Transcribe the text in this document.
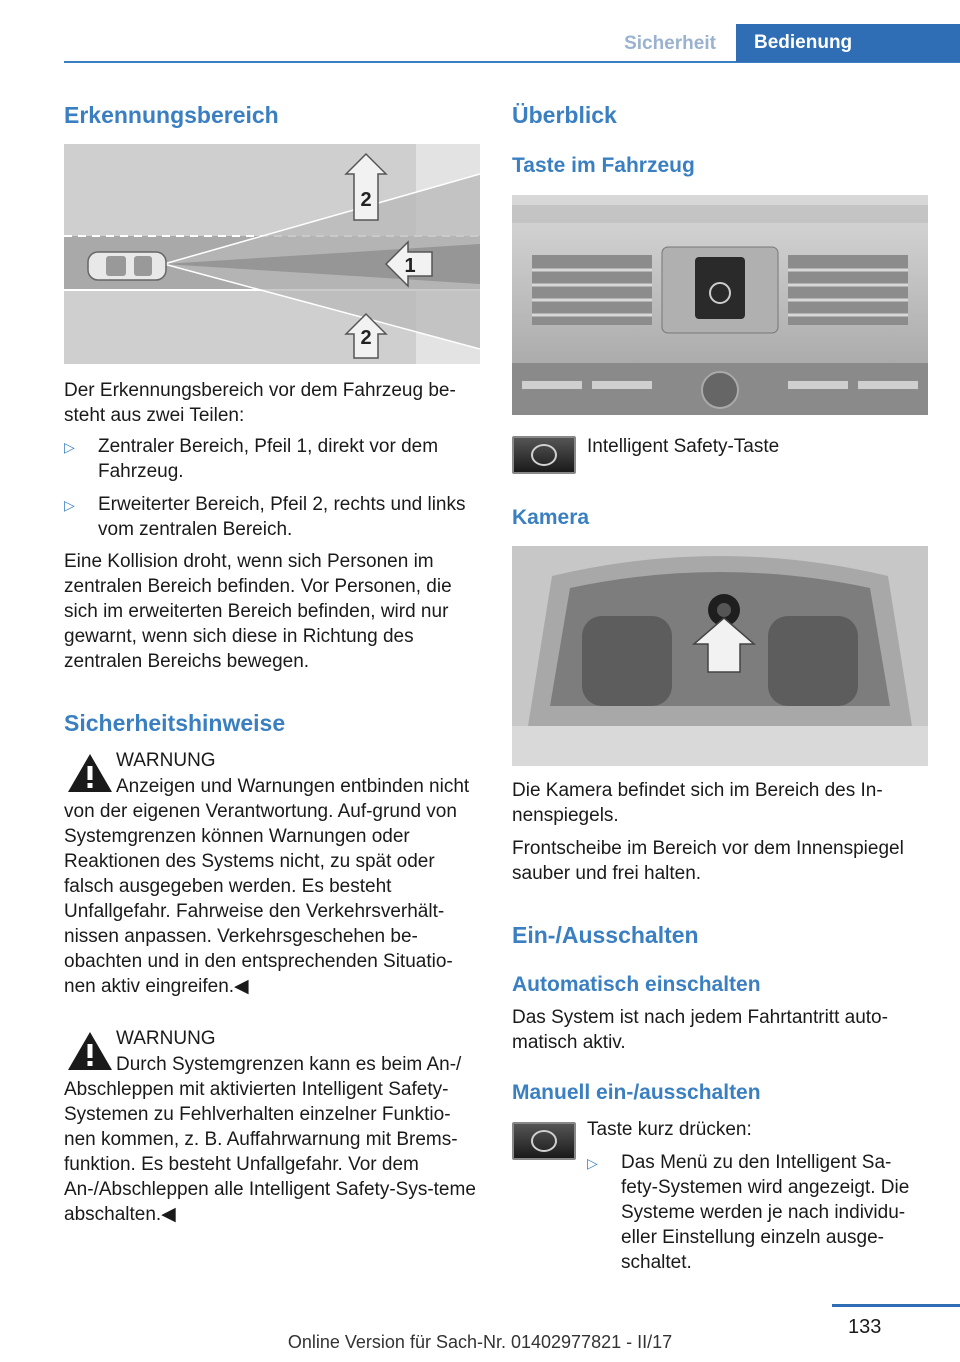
Sicherheit	Bedienung
Erkennungsbereich
2
1
2

Der Erkennungsbereich vor dem Fahrzeug be-steht aus zwei Teilen:

▷ Zentraler Bereich, Pfeil 1, direkt vor dem Fahrzeug.
▷ Erweiterter Bereich, Pfeil 2, rechts und links vom zentralen Bereich.

Eine Kollision droht, wenn sich Personen im zentralen Bereich befinden. Vor Personen, die sich im erweiterten Bereich befinden, wird nur gewarnt, wenn sich diese in Richtung des zentralen Bereichs bewegen.

Sicherheitshinweise
WARNUNG

Anzeigen und Warnungen entbinden nicht von der eigenen Verantwortung. Auf-grund von Systemgrenzen können Warnungen oder Reaktionen des Systems nicht, zu spät oder falsch ausgegeben werden. Es besteht Unfallgefahr. Fahrweise den Verkehrsverhält-nissen anpassen. Verkehrsgeschehen be-obachten und in den entsprechenden Situatio-nen aktiv eingreifen.◀

WARNUNG

Durch Systemgrenzen kann es beim An-/ Abschleppen mit aktivierten Intelligent Safety-Systemen zu Fehlverhalten einzelner Funktio-nen kommen, z. B. Auffahrwarnung mit Brems-funktion. Es besteht Unfallgefahr. Vor dem An-/Abschleppen alle Intelligent Safety-Sys-teme abschalten.◀

Überblick
Taste im Fahrzeug
Intelligent Safety-Taste
Kamera

Die Kamera befindet sich im Bereich des In-nenspiegels.

Frontscheibe im Bereich vor dem Innenspiegel sauber und frei halten.

Ein-/Ausschalten
Automatisch einschalten

Das System ist nach jedem Fahrtantritt auto-matisch aktiv.

Manuell ein-/ausschalten
Taste kurz drücken:
▷ Das Menü zu den Intelligent Sa-fety-Systemen wird angezeigt. Die Systeme werden je nach individu-eller Einstellung einzeln ausge-schaltet.
133
Online Version für Sach-Nr. 01402977821 - II/17
